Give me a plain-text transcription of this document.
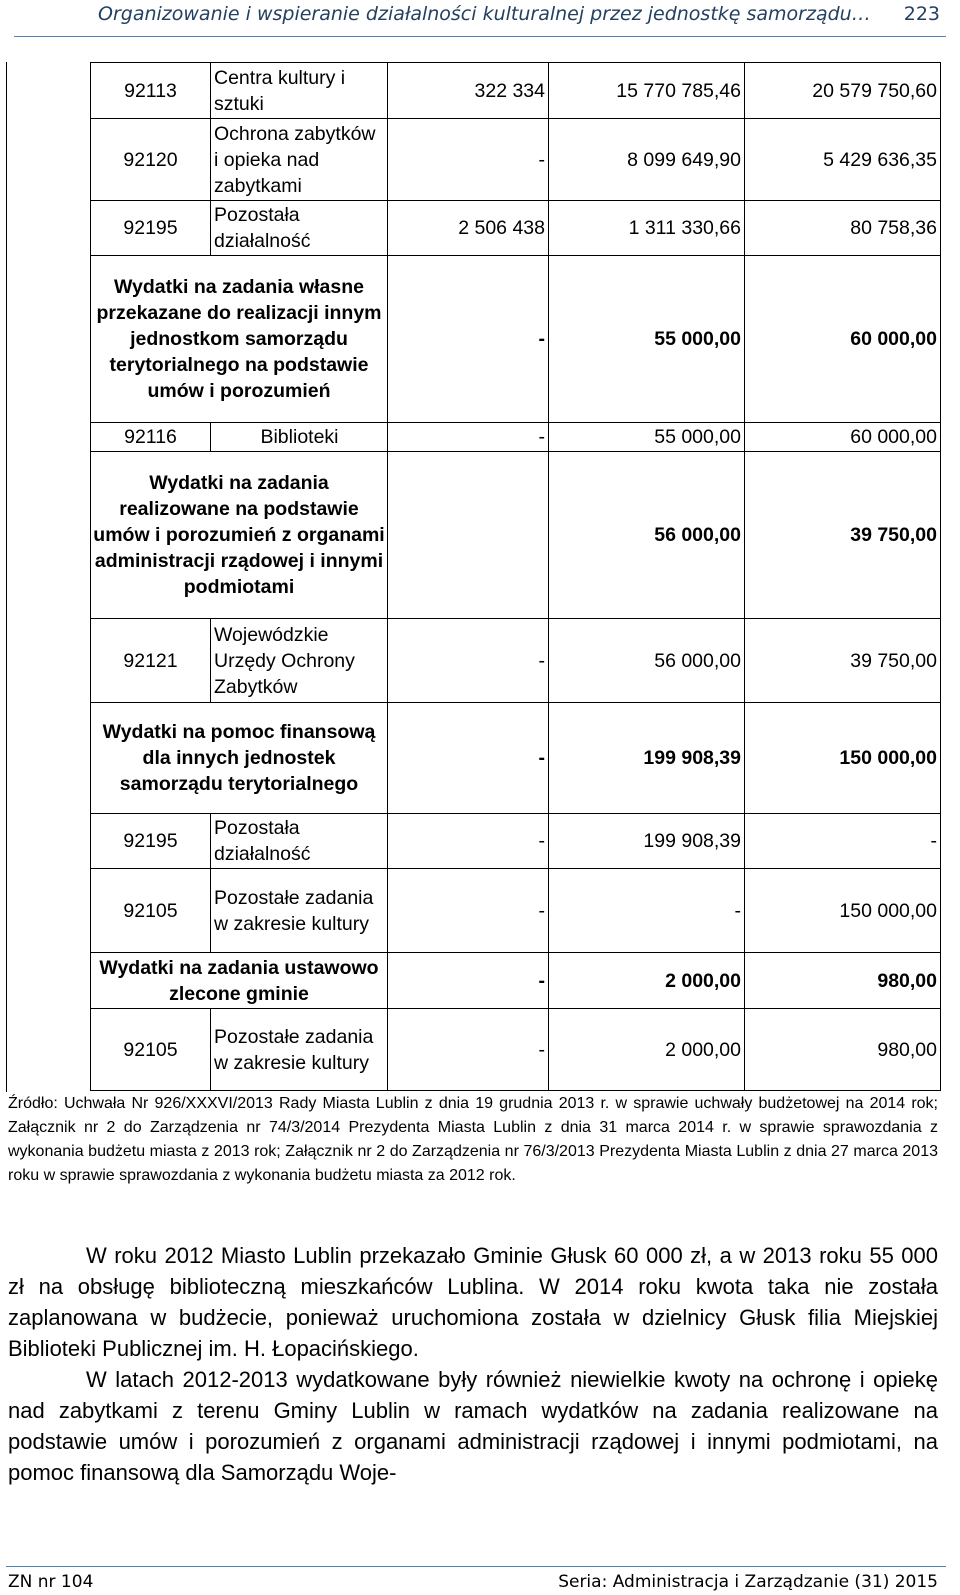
Organizowanie i wspieranie działalności kulturalnej przez jednostkę samorządu… 223
92113	Centra kultury i sztuki	322 334	15 770 785,46	20 579 750,60
92120	Ochrona zabytków i opieka nad zabytkami	-	8 099 649,90	5 429 636,35
92195	Pozostała działalność	2 506 438	1 311 330,66	80 758,36
Wydatki na zadania własne przekazane do realizacji innym jednostkom samorządu terytorialnego na podstawie umów i porozumień		-	55 000,00	60 000,00
92116	Biblioteki	-	55 000,00	60 000,00
Wydatki na zadania realizowane na podstawie umów i porozumień z organami administracji rządowej i innymi podmiotami			56 000,00	39 750,00
92121	Wojewódzkie Urzędy Ochrony Zabytków	-	56 000,00	39 750,00
Wydatki na pomoc finansową dla innych jednostek samorządu terytorialnego		-	199 908,39	150 000,00
92195	Pozostała działalność	-	199 908,39	-
92105	Pozostałe zadania w zakresie kultury	-	-	150 000,00
Wydatki na zadania ustawowo zlecone gminie		-	2 000,00	980,00
92105	Pozostałe zadania w zakresie kultury	-	2 000,00	980,00
Źródło: Uchwała Nr 926/XXXVI/2013 Rady Miasta Lublin z dnia 19 grudnia 2013 r. w sprawie uchwały budżetowej na 2014 rok; Załącznik nr 2 do Zarządzenia nr 74/3/2014 Prezydenta Miasta Lublin z dnia 31 marca 2014 r. w sprawie sprawozdania z wykonania budżetu miasta z 2013 rok; Załącznik nr 2 do Zarządzenia nr 76/3/2013 Prezydenta Miasta Lublin z dnia 27 marca 2013 roku w sprawie sprawozdania z wykonania budżetu miasta za 2012 rok.

W roku 2012 Miasto Lublin przekazało Gminie Głusk 60 000 zł, a w 2013 roku 55 000 zł na obsługę biblioteczną mieszkańców Lublina. W 2014 roku kwota taka nie została zaplanowana w budżecie, ponieważ uruchomiona została w dzielnicy Głusk filia Miejskiej Biblioteki Publicznej im. H. Łopacińskiego.

W latach 2012-2013 wydatkowane były również niewielkie kwoty na ochronę i opiekę nad zabytkami z terenu Gminy Lublin w ramach wydatków na zadania realizowane na podstawie umów i porozumień z organami administracji rządowej i innymi podmiotami, na pomoc finansową dla Samorządu Woje-

ZN nr 104	Seria: Administracja i Zarządzanie (31) 2015
